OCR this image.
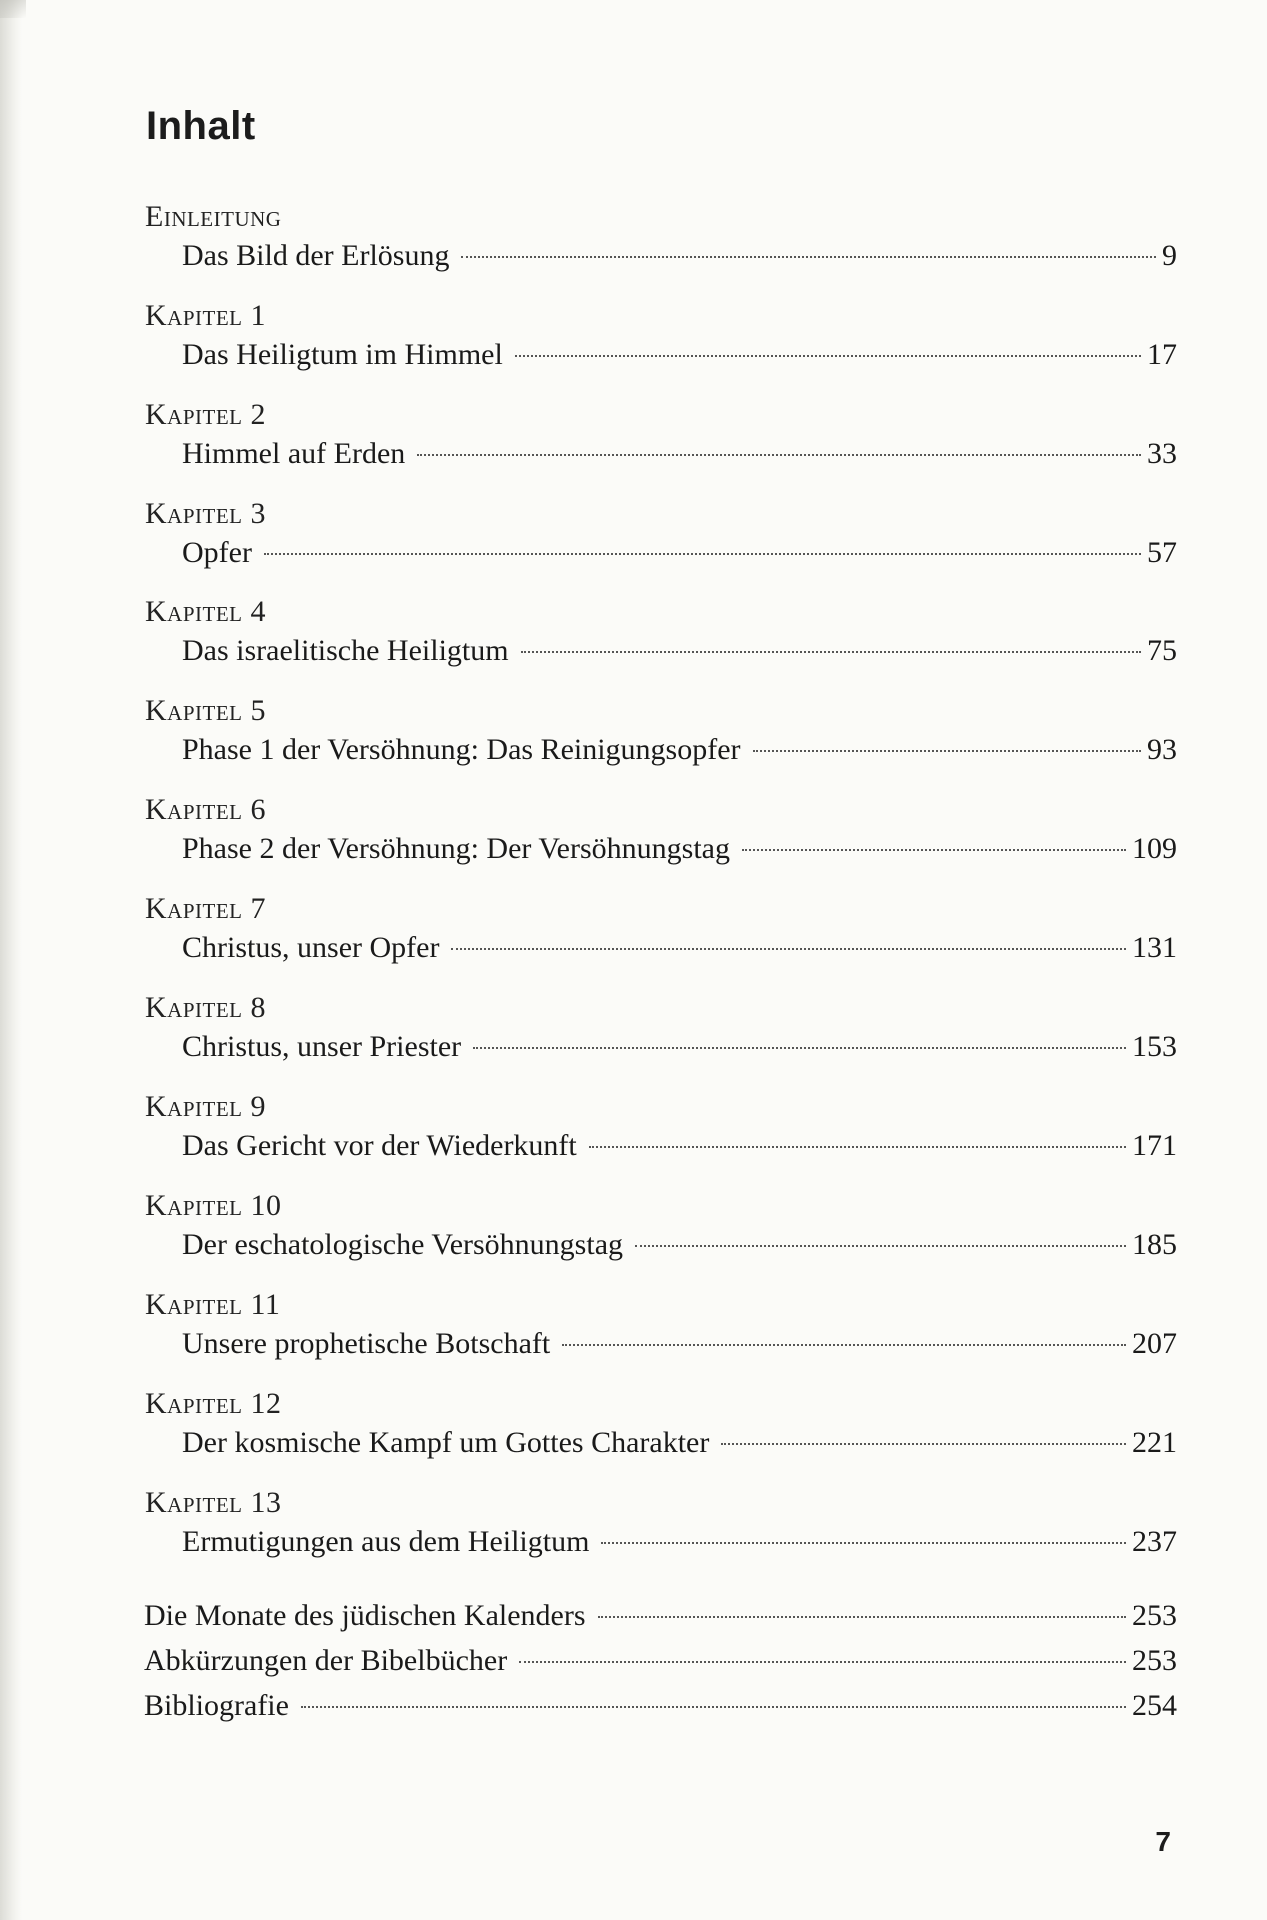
Inhalt
Einleitung
Das Bild der Erlösung	9
Kapitel 1
Das Heiligtum im Himmel	17
Kapitel 2
Himmel auf Erden	33
Kapitel 3
Opfer	57
Kapitel 4
Das israelitische Heiligtum	75
Kapitel 5
Phase 1 der Versöhnung: Das Reinigungsopfer	93
Kapitel 6
Phase 2 der Versöhnung: Der Versöhnungstag	109
Kapitel 7
Christus, unser Opfer	131
Kapitel 8
Christus, unser Priester	153
Kapitel 9
Das Gericht vor der Wiederkunft	171
Kapitel 10
Der eschatologische Versöhnungstag	185
Kapitel 11
Unsere prophetische Botschaft	207
Kapitel 12
Der kosmische Kampf um Gottes Charakter	221
Kapitel 13
Ermutigungen aus dem Heiligtum	237
Die Monate des jüdischen Kalenders	253
Abkürzungen der Bibelbücher	253
Bibliografie	254
7
